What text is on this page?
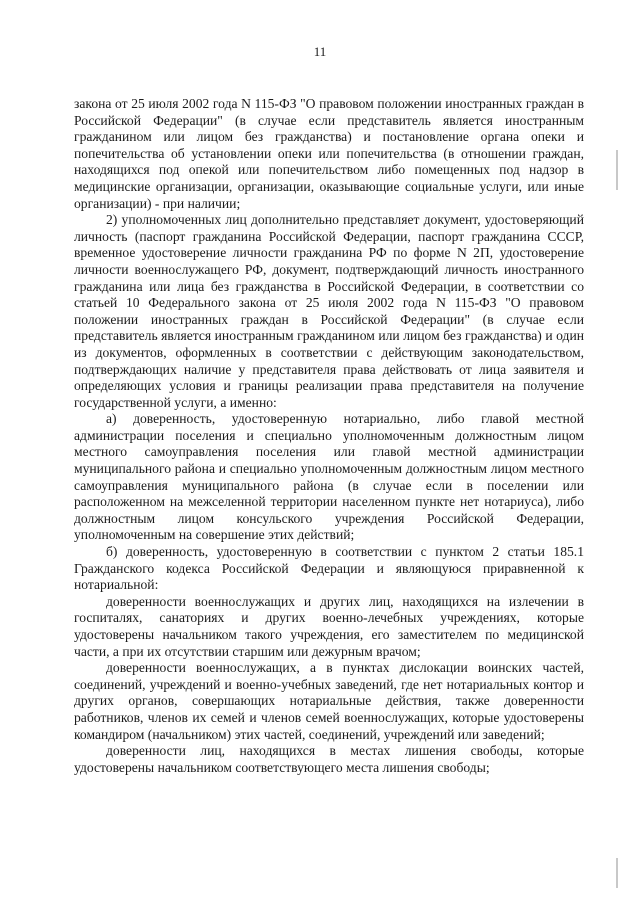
11

закона от 25 июля 2002 года N 115-ФЗ "О правовом положении иностранных граждан в Российской Федерации" (в случае если представитель является иностранным гражданином или лицом без гражданства) и постановление органа опеки и попечительства об установлении опеки или попечительства (в отношении граждан, находящихся под опекой или попечительством либо помещенных под надзор в медицинские организации, организации, оказывающие социальные услуги, или иные организации) - при наличии;

2) уполномоченных лиц дополнительно представляет документ, удостоверяющий личность (паспорт гражданина Российской Федерации, паспорт гражданина СССР, временное удостоверение личности гражданина РФ по форме N 2П, удостоверение личности военнослужащего РФ, документ, подтверждающий личность иностранного гражданина или лица без гражданства в Российской Федерации, в соответствии со статьей 10 Федерального закона от 25 июля 2002 года N 115-ФЗ "О правовом положении иностранных граждан в Российской Федерации" (в случае если представитель является иностранным гражданином или лицом без гражданства) и один из документов, оформленных в соответствии с действующим законодательством, подтверждающих наличие у представителя права действовать от лица заявителя и определяющих условия и границы реализации права представителя на получение государственной услуги, а именно:

а) доверенность, удостоверенную нотариально, либо главой местной администрации поселения и специально уполномоченным должностным лицом местного самоуправления поселения или главой местной администрации муниципального района и специально уполномоченным должностным лицом местного самоуправления муниципального района (в случае если в поселении или расположенном на межселенной территории населенном пункте нет нотариуса), либо должностным лицом консульского учреждения Российской Федерации, уполномоченным на совершение этих действий;

б) доверенность, удостоверенную в соответствии с пунктом 2 статьи 185.1 Гражданского кодекса Российской Федерации и являющуюся приравненной к нотариальной:

доверенности военнослужащих и других лиц, находящихся на излечении в госпиталях, санаториях и других военно-лечебных учреждениях, которые удостоверены начальником такого учреждения, его заместителем по медицинской части, а при их отсутствии старшим или дежурным врачом;

доверенности военнослужащих, а в пунктах дислокации воинских частей, соединений, учреждений и военно-учебных заведений, где нет нотариальных контор и других органов, совершающих нотариальные действия, также доверенности работников, членов их семей и членов семей военнослужащих, которые удостоверены командиром (начальником) этих частей, соединений, учреждений или заведений;

доверенности лиц, находящихся в местах лишения свободы, которые удостоверены начальником соответствующего места лишения свободы;
